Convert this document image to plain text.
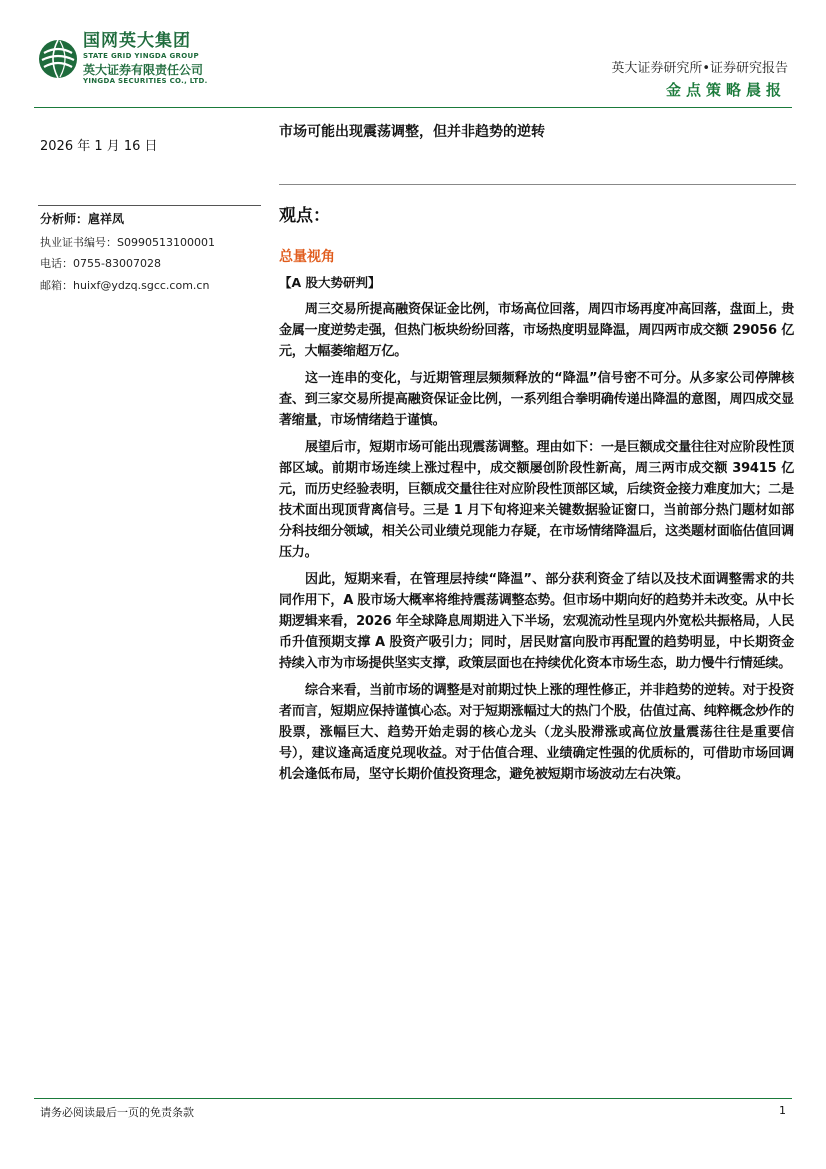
国网英大集团
STATE GRID YINGDA GROUP
英大证券有限责任公司
YINGDA SECURITIES CO., LTD.
英大证券研究所•证券研究报告
金点策略晨报
2026 年 1 月 16 日
分析师：扈祥凤
执业证书编号：S0990513100001
电话：0755-83007028
邮箱：huixf@ydzq.sgcc.com.cn
市场可能出现震荡调整，但并非趋势的逆转
观点：
总量视角
【A 股大势研判】

周三交易所提高融资保证金比例，市场高位回落，周四市场再度冲高回落，盘面上，贵金属一度逆势走强，但热门板块纷纷回落，市场热度明显降温，周四两市成交额 29056 亿元，大幅萎缩超万亿。

这一连串的变化，与近期管理层频频释放的“降温”信号密不可分。从多家公司停牌核查、到三家交易所提高融资保证金比例，一系列组合拳明确传递出降温的意图，周四成交显著缩量，市场情绪趋于谨慎。

展望后市，短期市场可能出现震荡调整。理由如下：一是巨额成交量往往对应阶段性顶部区域。前期市场连续上涨过程中，成交额屡创阶段性新高，周三两市成交额 39415 亿元，而历史经验表明，巨额成交量往往对应阶段性顶部区域，后续资金接力难度加大；二是技术面出现顶背离信号。三是 1 月下旬将迎来关键数据验证窗口，当前部分热门题材如部分科技细分领域，相关公司业绩兑现能力存疑，在市场情绪降温后，这类题材面临估值回调压力。

因此，短期来看，在管理层持续“降温”、部分获利资金了结以及技术面调整需求的共同作用下，A 股市场大概率将维持震荡调整态势。但市场中期向好的趋势并未改变。从中长期逻辑来看，2026 年全球降息周期进入下半场，宏观流动性呈现内外宽松共振格局，人民币升值预期支撑 A 股资产吸引力；同时，居民财富向股市再配置的趋势明显，中长期资金持续入市为市场提供坚实支撑，政策层面也在持续优化资本市场生态，助力慢牛行情延续。

综合来看，当前市场的调整是对前期过快上涨的理性修正，并非趋势的逆转。对于投资者而言，短期应保持谨慎心态。对于短期涨幅过大的热门个股，估值过高、纯粹概念炒作的股票，涨幅巨大、趋势开始走弱的核心龙头（龙头股滞涨或高位放量震荡往往是重要信号），建议逢高适度兑现收益。对于估值合理、业绩确定性强的优质标的，可借助市场回调机会逢低布局，坚守长期价值投资理念，避免被短期市场波动左右决策。

请务必阅读最后一页的免责条款	1
